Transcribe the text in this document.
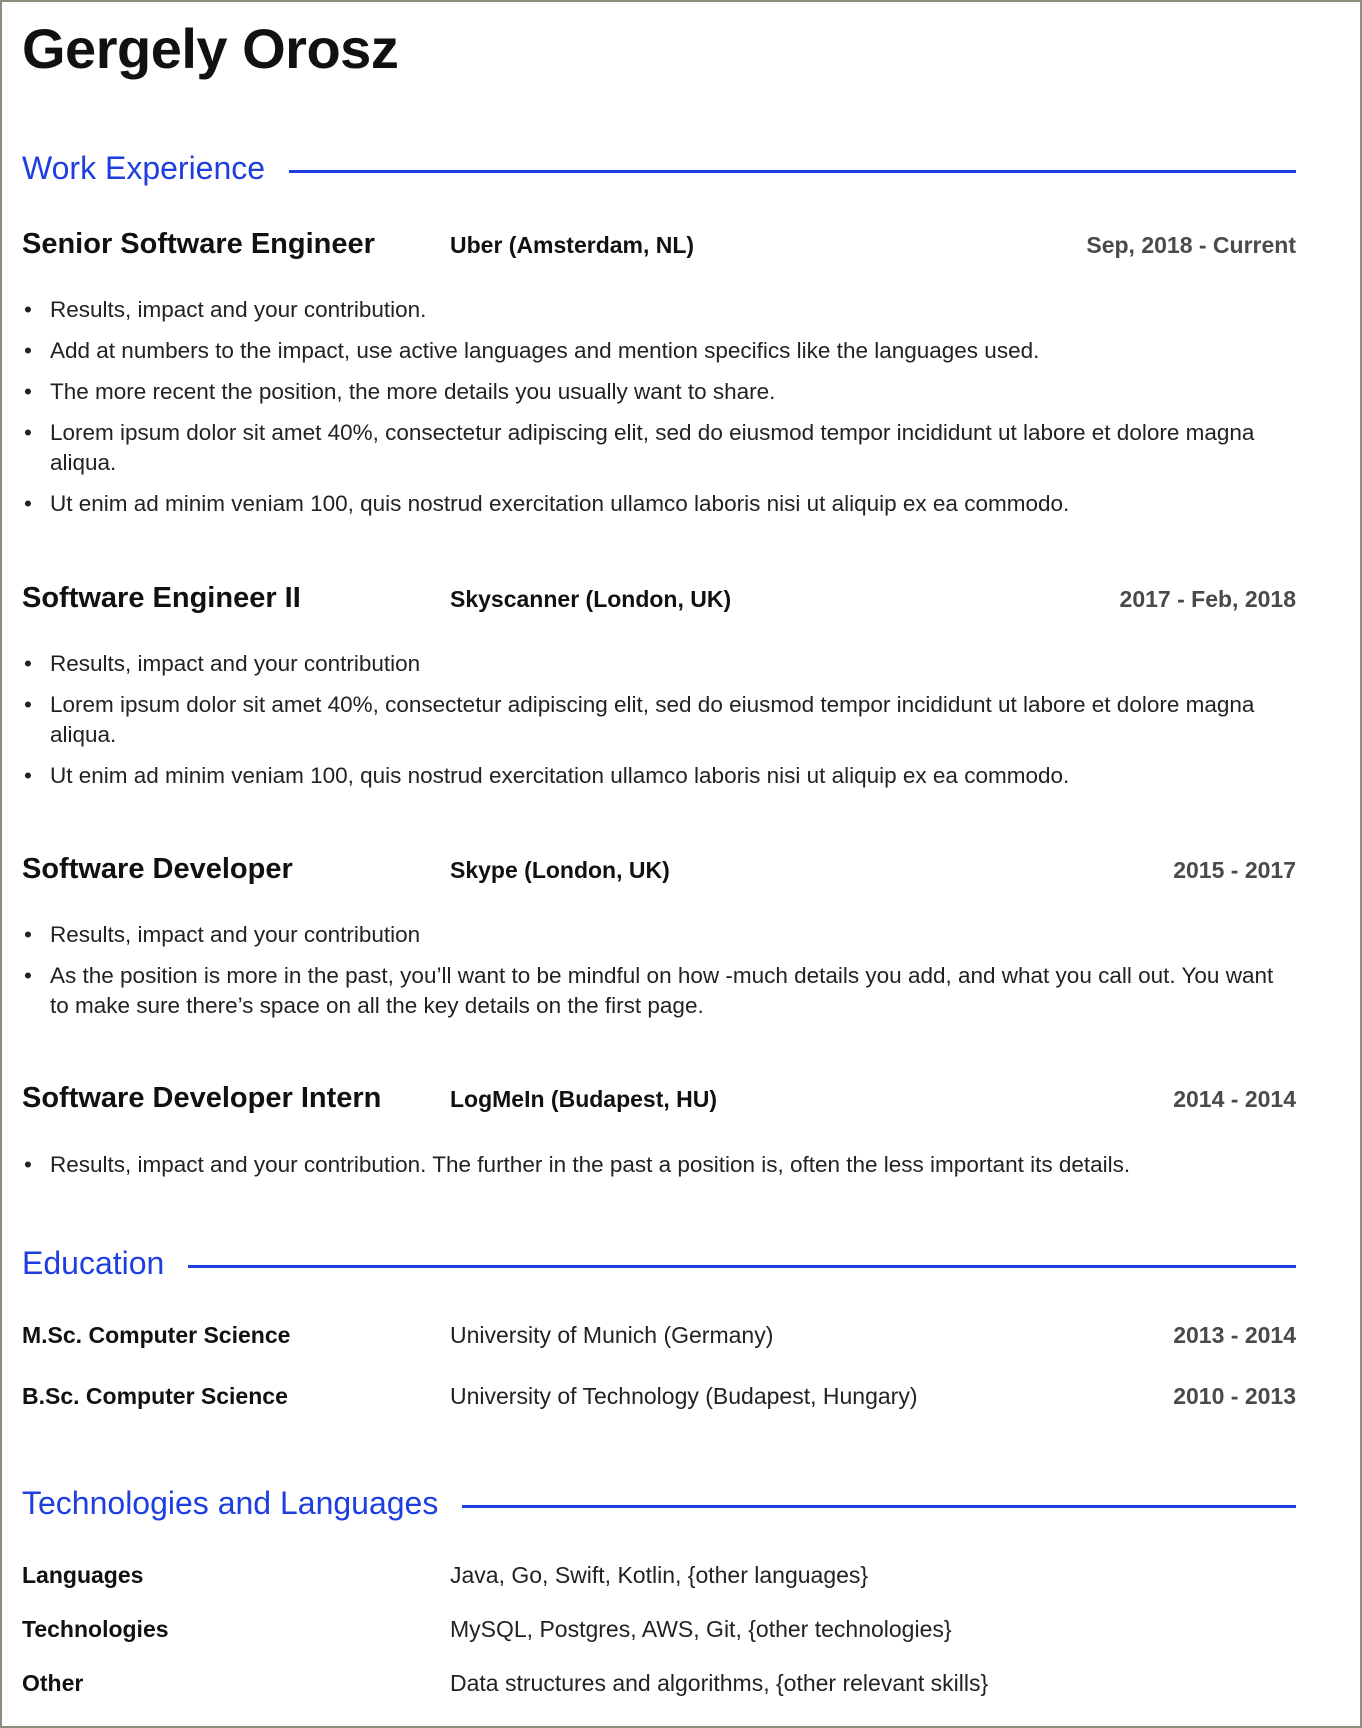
Gergely Orosz
Work Experience
Senior Software Engineer	Uber (Amsterdam, NL)	Sep, 2018 - Current
• Results, impact and your contribution.
• Add at numbers to the impact, use active languages and mention specifics like the languages used.
• The more recent the position, the more details you usually want to share.
• Lorem ipsum dolor sit amet 40%, consectetur adipiscing elit, sed do eiusmod tempor incididunt ut labore et dolore magna aliqua.
• Ut enim ad minim veniam 100, quis nostrud exercitation ullamco laboris nisi ut aliquip ex ea commodo.
Software Engineer II	Skyscanner (London, UK)	2017 - Feb, 2018
• Results, impact and your contribution
• Lorem ipsum dolor sit amet 40%, consectetur adipiscing elit, sed do eiusmod tempor incididunt ut labore et dolore magna aliqua.
• Ut enim ad minim veniam 100, quis nostrud exercitation ullamco laboris nisi ut aliquip ex ea commodo.
Software Developer	Skype (London, UK)	2015 - 2017
• Results, impact and your contribution
• As the position is more in the past, you’ll want to be mindful on how -much details you add, and what you call out. You want to make sure there’s space on all the key details on the first page.
Software Developer Intern	LogMeIn (Budapest, HU)	2014 - 2014
• Results, impact and your contribution. The further in the past a position is, often the less important its details.
Education
M.Sc. Computer Science	University of Munich (Germany)	2013 - 2014
B.Sc. Computer Science	University of Technology (Budapest, Hungary)	2010 - 2013
Technologies and Languages
Languages	Java, Go, Swift, Kotlin, {other languages}
Technologies	MySQL, Postgres, AWS, Git, {other technologies}
Other	Data structures and algorithms, {other relevant skills}
